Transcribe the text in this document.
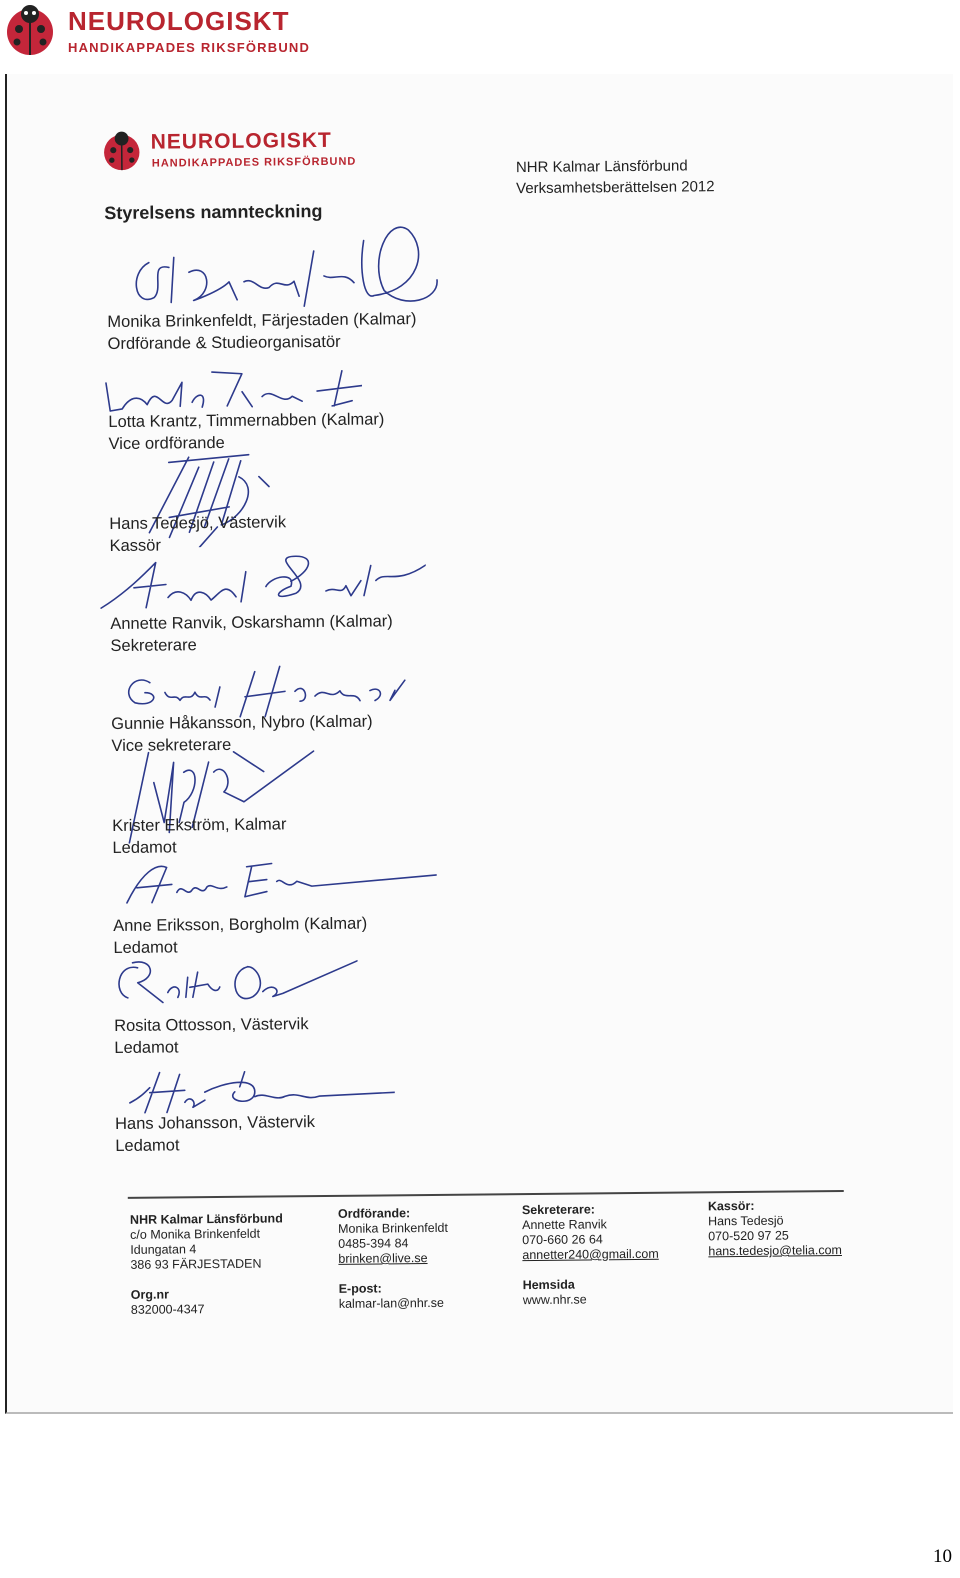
NEUROLOGISKT
HANDIKAPPADES RIKSFÖRBUND
NEUROLOGISKT
HANDIKAPPADES RIKSFÖRBUND	NHR Kalmar Länsförbund
Verksamhetsberättelsen 2012
Styrelsens namnteckning
Monika Brinkenfeldt, Färjestaden (Kalmar)
Ordförande & Studieorganisatör
Lotta Krantz, Timmernabben (Kalmar)
Vice ordförande
Hans Tedesjö, Västervik
Kassör
Annette Ranvik, Oskarshamn (Kalmar)
Sekreterare
Gunnie Håkansson, Nybro (Kalmar)
Vice sekreterare
Krister Ekström, Kalmar
Ledamot
Anne Eriksson, Borgholm (Kalmar)
Ledamot
Rosita Ottosson, Västervik
Ledamot
Hans Johansson, Västervik
Ledamot
NHR Kalmar Länsförbund
c/o Monika Brinkenfeldt
Idungatan 4
386 93 FÄRJESTADEN
Org.nr
832000-4347
Ordförande:
Monika Brinkenfeldt
0485-394 84
brinken@live.se
E-post:
kalmar-lan@nhr.se
Sekreterare:
Annette Ranvik
070-660 26 64
annetter240@gmail.com
Hemsida
www.nhr.se
Kassör:
Hans Tedesjö
070-520 97 25
hans.tedesjo@telia.com
10
